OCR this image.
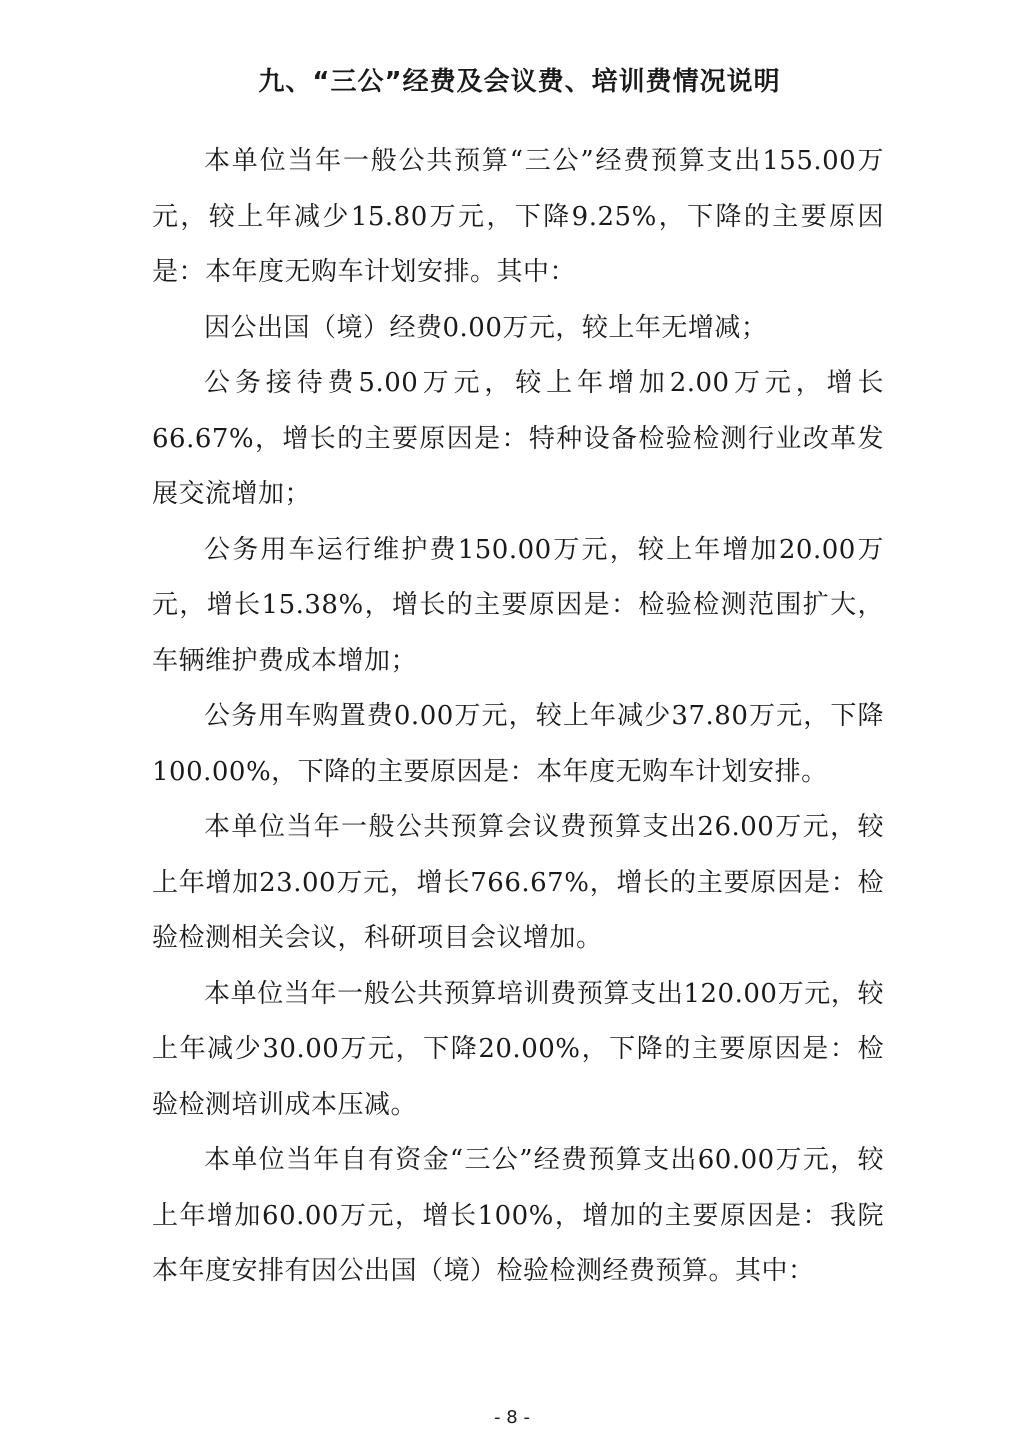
九、“三公”经费及会议费、培训费情况说明

本单位当年一般公共预算“三公”经费预算支出155.00万元，较上年减少15.80万元，下降9.25%，下降的主要原因是：本年度无购车计划安排。其中：

因公出国（境）经费0.00万元，较上年无增减；

公务接待费5.00万元，较上年增加2.00万元，增长66.67%，增长的主要原因是：特种设备检验检测行业改革发展交流增加；

公务用车运行维护费150.00万元，较上年增加20.00万元，增长15.38%，增长的主要原因是：检验检测范围扩大，车辆维护费成本增加；

公务用车购置费0.00万元，较上年减少37.80万元，下降100.00%，下降的主要原因是：本年度无购车计划安排。

本单位当年一般公共预算会议费预算支出26.00万元，较上年增加23.00万元，增长766.67%，增长的主要原因是：检验检测相关会议，科研项目会议增加。

本单位当年一般公共预算培训费预算支出120.00万元，较上年减少30.00万元，下降20.00%，下降的主要原因是：检验检测培训成本压减。

本单位当年自有资金“三公”经费预算支出60.00万元，较上年增加60.00万元，增长100%，增加的主要原因是：我院本年度安排有因公出国（境）检验检测经费预算。其中：

- 8 -
